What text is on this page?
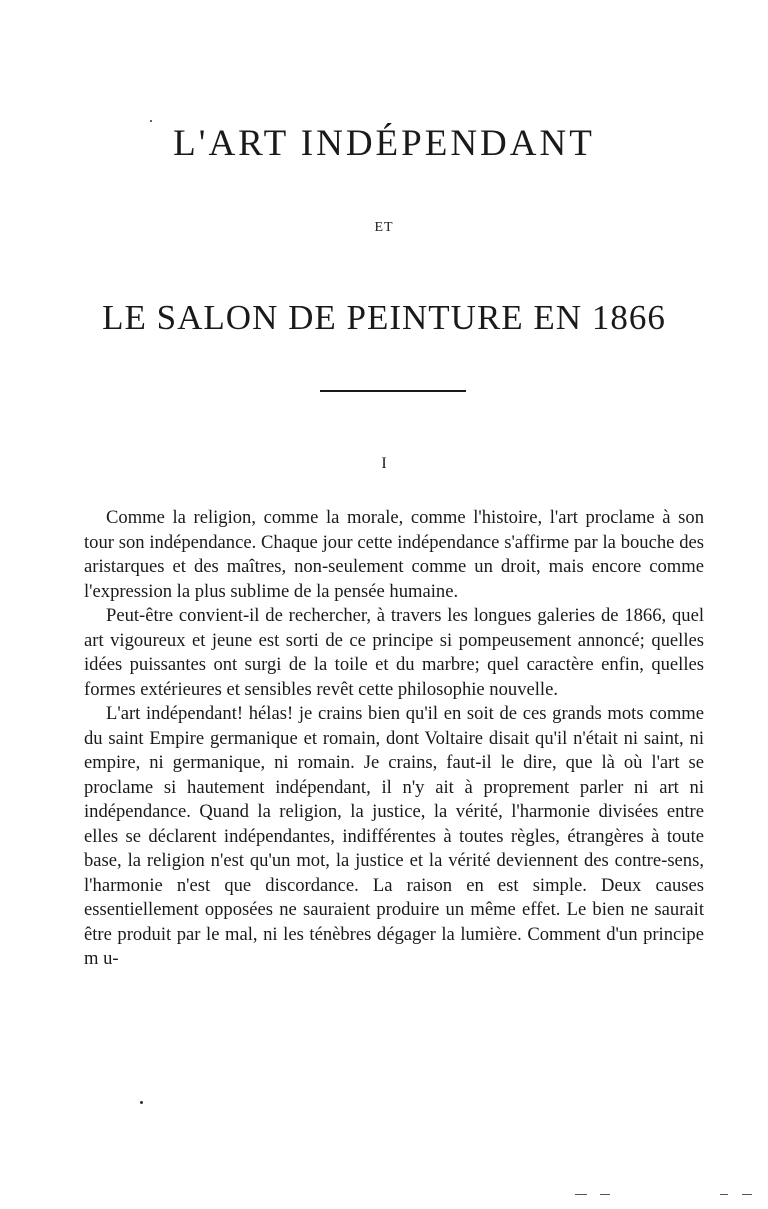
L'ART INDÉPENDANT
ET
LE SALON DE PEINTURE EN 1866
I

Comme la religion, comme la morale, comme l'histoire, l'art proclame à son tour son indépendance. Chaque jour cette indépendance s'affirme par la bouche des aristarques et des maîtres, non-seulement comme un droit, mais encore comme l'expression la plus sublime de la pensée humaine.

Peut-être convient-il de rechercher, à travers les longues galeries de 1866, quel art vigoureux et jeune est sorti de ce principe si pompeusement annoncé; quelles idées puissantes ont surgi de la toile et du marbre; quel caractère enfin, quelles formes extérieures et sensibles revêt cette philosophie nouvelle.

L'art indépendant! hélas! je crains bien qu'il en soit de ces grands mots comme du saint Empire germanique et romain, dont Voltaire disait qu'il n'était ni saint, ni empire, ni germanique, ni romain. Je crains, faut-il le dire, que là où l'art se proclame si hautement indépendant, il n'y ait à proprement parler ni art ni indépendance. Quand la religion, la justice, la vérité, l'harmonie divisées entre elles se déclarent indépendantes, indifférentes à toutes règles, étrangères à toute base, la religion n'est qu'un mot, la justice et la vérité deviennent des contre-sens, l'harmonie n'est que discordance. La raison en est simple. Deux causes essentiellement opposées ne sauraient produire un même effet. Le bien ne saurait être produit par le mal, ni les ténèbres dégager la lumière. Comment d'un principe m u-
